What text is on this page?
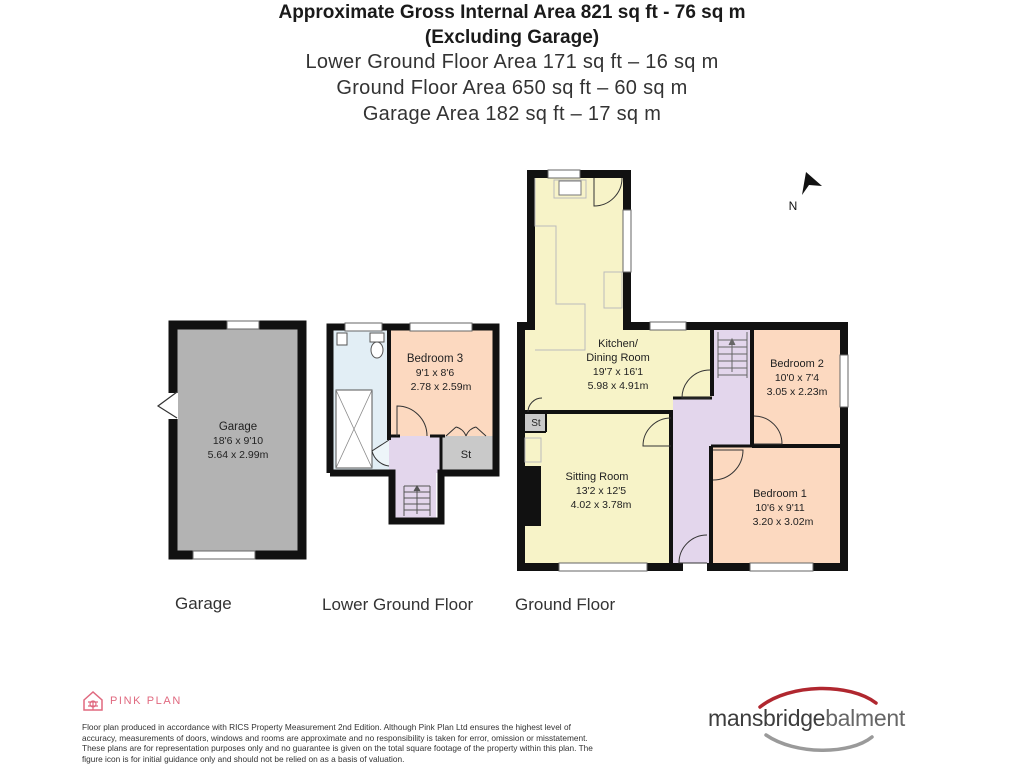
Approximate Gross Internal Area 821 sq ft - 76 sq m
(Excluding Garage)
Lower Ground Floor Area 171 sq ft – 16 sq m
Ground Floor Area 650 sq ft – 60 sq m
Garage Area 182 sq ft – 17 sq m
Garage
18'6 x 9'10
5.64 x 2.99m
Bedroom 3
9'1 x 8'6
2.78 x 2.59m
St
Kitchen/
Dining Room
19'7 x 16'1
5.98 x 4.91m
Bedroom 2
10'0 x 7'4
3.05 x 2.23m
Sitting Room
13'2 x 12'5
4.02 x 3.78m
Bedroom 1
10'6 x 9'11
3.20 x 3.02m
St
N
Garage	Lower Ground Floor Ground Floor
PINK PLAN
Floor plan produced in accordance with RICS Property Measurement 2nd Edition. Although Pink Plan Ltd ensures the highest level of accuracy, measurements of doors, windows and rooms are approximate and no responsibility is taken for error, omission or misstatement. These plans are for representation purposes only and no guarantee is given on the total square footage of the property within this plan. The figure icon is for initial guidance only and should not be relied on as a basis of valuation.
mansbridgebalment
